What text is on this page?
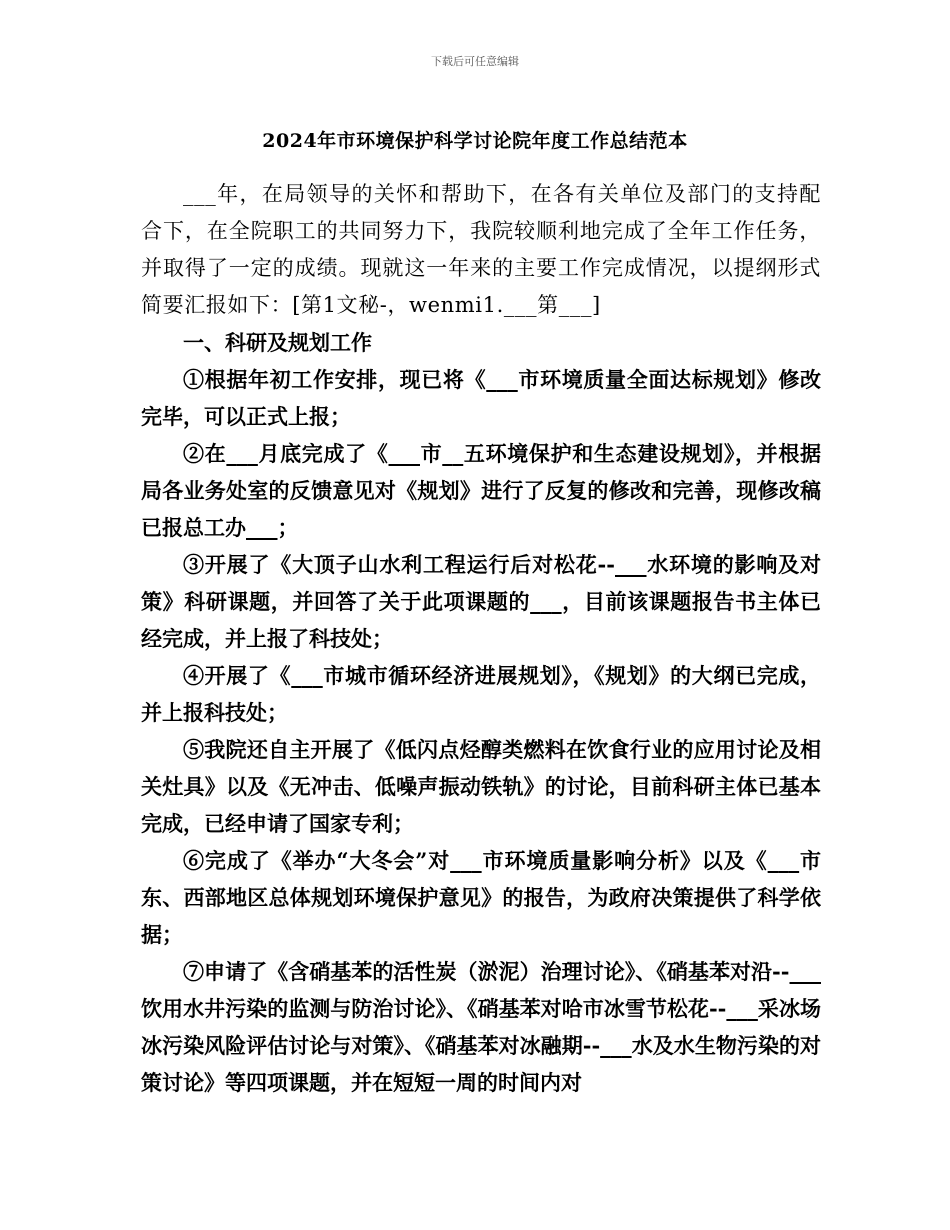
下载后可任意编辑
2024年市环境保护科学讨论院年度工作总结范本

___年，在局领导的关怀和帮助下，在各有关单位及部门的支持配合下，在全院职工的共同努力下，我院较顺利地完成了全年工作任务，并取得了一定的成绩。现就这一年来的主要工作完成情况，以提纲形式简要汇报如下：[第1文秘-，wenmi1.___第___]

一、科研及规划工作

①根据年初工作安排，现已将《___市环境质量全面达标规划》修改完毕，可以正式上报；

②在___月底完成了《___市__五环境保护和生态建设规划》，并根据局各业务处室的反馈意见对《规划》进行了反复的修改和完善，现修改稿已报总工办___；

③开展了《大顶子山水利工程运行后对松花--___水环境的影响及对策》科研课题，并回答了关于此项课题的___，目前该课题报告书主体已经完成，并上报了科技处；

④开展了《___市城市循环经济进展规划》，《规划》的大纲已完成，并上报科技处；

⑤我院还自主开展了《低闪点烃醇类燃料在饮食行业的应用讨论及相关灶具》以及《无冲击、低噪声振动铁轨》的讨论，目前科研主体已基本完成，已经申请了国家专利；

⑥完成了《举办“大冬会”对___市环境质量影响分析》以及《___市东、西部地区总体规划环境保护意见》的报告，为政府决策提供了科学依据；

⑦申请了《含硝基苯的活性炭（淤泥）治理讨论》、《硝基苯对沿--___饮用水井污染的监测与防治讨论》、《硝基苯对哈市冰雪节松花--___采冰场冰污染风险评估讨论与对策》、《硝基苯对冰融期--___水及水生物污染的对策讨论》等四项课题，并在短短一周的时间内对
